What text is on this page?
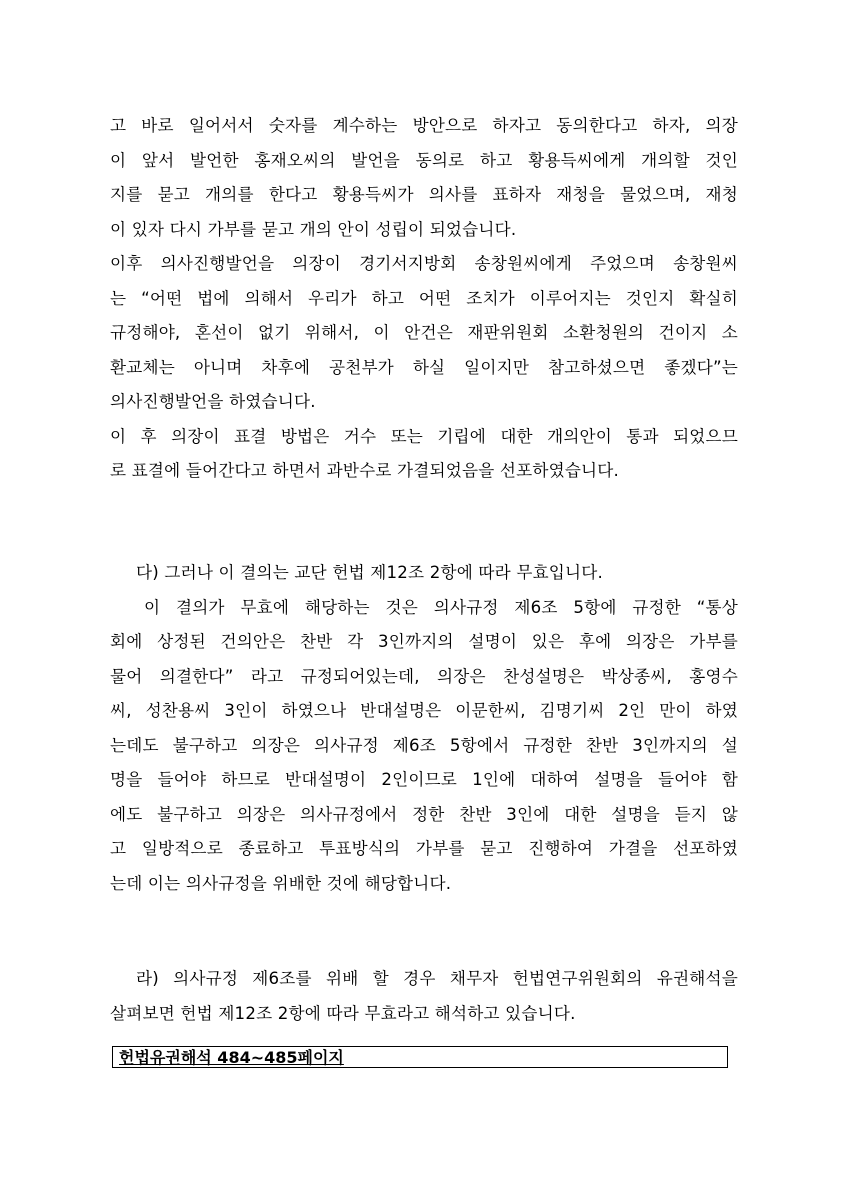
고 바로 일어서서 숫자를 계수하는 방안으로 하자고 동의한다고 하자, 의장
이 앞서 발언한 홍재오씨의 발언을 동의로 하고 황용득씨에게 개의할 것인
지를 묻고 개의를 한다고 황용득씨가 의사를 표하자 재청을 물었으며, 재청
이 있자 다시 가부를 묻고 개의 안이 성립이 되었습니다.
이후 의사진행발언을 의장이 경기서지방회 송창원씨에게 주었으며 송창원씨
는 “어떤 법에 의해서 우리가 하고 어떤 조치가 이루어지는 것인지 확실히
규정해야, 혼선이 없기 위해서, 이 안건은 재판위원회 소환청원의 건이지 소
환교체는 아니며 차후에 공천부가 하실 일이지만 참고하셨으면 좋겠다”는
의사진행발언을 하였습니다.
이 후 의장이 표결 방법은 거수 또는 기립에 대한 개의안이 통과 되었으므
로 표결에 들어간다고 하면서 과반수로 가결되었음을 선포하였습니다.
다) 그러나 이 결의는 교단 헌법 제12조 2항에 따라 무효입니다.
이 결의가 무효에 해당하는 것은 의사규정 제6조 5항에 규정한 “통상
회에 상정된 건의안은 찬반 각 3인까지의 설명이 있은 후에 의장은 가부를
물어 의결한다” 라고 규정되어있는데, 의장은 찬성설명은 박상종씨, 홍영수
씨, 성찬용씨 3인이 하였으나 반대설명은 이문한씨, 김명기씨 2인 만이 하였
는데도 불구하고 의장은 의사규정 제6조 5항에서 규정한 찬반 3인까지의 설
명을 들어야 하므로 반대설명이 2인이므로 1인에 대하여 설명을 들어야 함
에도 불구하고 의장은 의사규정에서 정한 찬반 3인에 대한 설명을 듣지 않
고 일방적으로 종료하고 투표방식의 가부를 묻고 진행하여 가결을 선포하였
는데 이는 의사규정을 위배한 것에 해당합니다.
라) 의사규정 제6조를 위배 할 경우 채무자 헌법연구위원회의 유권해석을
살펴보면 헌법 제12조 2항에 따라 무효라고 해석하고 있습니다.
헌법유권해석 484~485페이지
